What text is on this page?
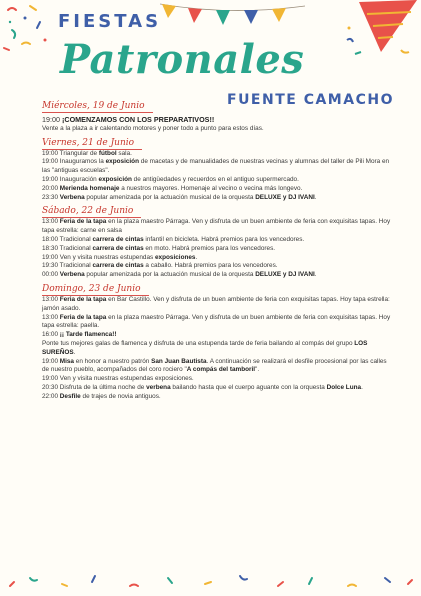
FIESTAS
Patronales
FUENTE CAMACHO
Miércoles, 19 de Junio

19:00 ¡COMENZAMOS CON LOS PREPARATIVOS!!

Vente a la plaza a ir calentando motores y poner todo a punto para estos días.

Viernes, 21 de Junio

19:00 Triangular de fútbol sala.

19:00 Inauguramos la exposición de macetas y de manualidades de nuestras vecinas y alumnas del taller de Pili Mora en las "antiguas escuelas".

19:00 Inauguración exposición de antigüedades y recuerdos en el antiguo supermercado.

20:00 Merienda homenaje a nuestros mayores. Homenaje al vecino o vecina más longevo.

23:30 Verbena popular amenizada por la actuación musical de la orquesta DELUXE y DJ IVANI.

Sábado, 22 de Junio

13:00 Feria de la tapa en la plaza maestro Párraga. Ven y disfruta de un buen ambiente de feria con exquisitas tapas. Hoy tapa estrella: carne en salsa

18:00 Tradicional carrera de cintas infantil en bicicleta. Habrá premios para los vencedores.

18:30 Tradicional carrera de cintas en moto. Habrá premios para los vencedores.

19:00 Ven y visita nuestras estupendas exposiciones.

19:30 Tradicional carrera de cintas a caballo. Habrá premios para los vencedores.

00:00 Verbena popular amenizada por la actuación musical de la orquesta DELUXE y DJ IVANI.

Domingo, 23 de Junio

13:00 Feria de la tapa en Bar Castillo. Ven y disfruta de un buen ambiente de feria con exquisitas tapas. Hoy tapa estrella: jamón asado.

13:00 Feria de la tapa en la plaza maestro Párraga. Ven y disfruta de un buen ambiente de feria con exquisitas tapas. Hoy tapa estrella: paella.

16:00 ¡¡ Tarde flamenca!!

Ponte tus mejores galas de flamenca y disfruta de una estupenda tarde de feria bailando al compás del grupo LOS SUREÑOS.

19:00 Misa en honor a nuestro patrón San Juan Bautista. A continuación se realizará el desfile procesional por las calles de nuestro pueblo, acompañados del coro rociero "A compás del tamboril".

19:00 Ven y visita nuestras estupendas exposiciones.

20:30 Disfruta de la última noche de verbena bailando hasta que el cuerpo aguante con la orquesta Dolce Luna.

22:00 Desfile de trajes de novia antiguos.
